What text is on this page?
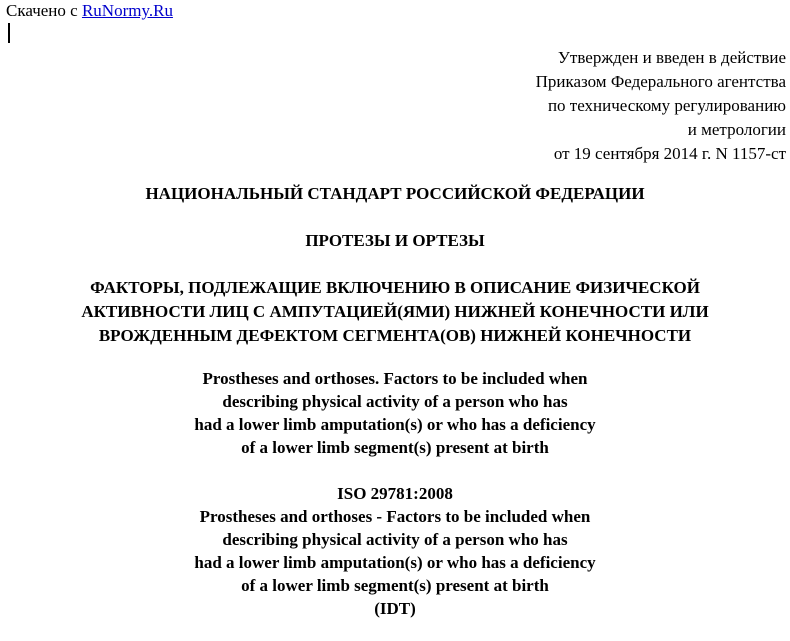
Скачено с RuNormy.Ru
Утвержден и введен в действие
Приказом Федерального агентства
по техническому регулированию
и метрологии
от 19 сентября 2014 г. N 1157-ст
НАЦИОНАЛЬНЫЙ СТАНДАРТ РОССИЙСКОЙ ФЕДЕРАЦИИ
ПРОТЕЗЫ И ОРТЕЗЫ
ФАКТОРЫ, ПОДЛЕЖАЩИЕ ВКЛЮЧЕНИЮ В ОПИСАНИЕ ФИЗИЧЕСКОЙ
АКТИВНОСТИ ЛИЦ С АМПУТАЦИЕЙ(ЯМИ) НИЖНЕЙ КОНЕЧНОСТИ ИЛИ
ВРОЖДЕННЫМ ДЕФЕКТОМ СЕГМЕНТА(ОВ) НИЖНЕЙ КОНЕЧНОСТИ
Prostheses and orthoses. Factors to be included when
describing physical activity of a person who has
had a lower limb amputation(s) or who has a deficiency
of a lower limb segment(s) present at birth
ISO 29781:2008
Prostheses and orthoses - Factors to be included when
describing physical activity of a person who has
had a lower limb amputation(s) or who has a deficiency
of a lower limb segment(s) present at birth
(IDT)
